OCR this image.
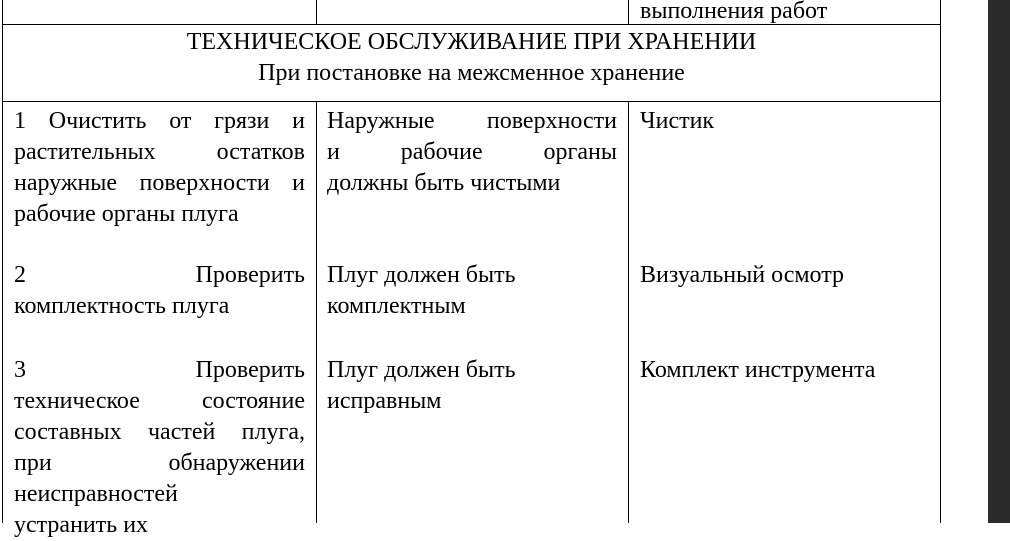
выполнения работ
ТЕХНИЧЕСКОЕ ОБСЛУЖИВАНИЕ ПРИ ХРАНЕНИИ
При постановке на межсменное хранение
1 Очистить от грязи и
растительных остатков
наружные поверхности и
рабочие органы плуга
Наружные поверхности
и рабочие органы
должны быть чистыми
Чистик
2 Проверить
комплектность плуга
Плуг должен быть
комплектным
Визуальный осмотр
3 Проверить
техническое состояние
составных частей плуга,
при обнаружении
неисправностей
устранить их
Плуг должен быть
исправным
Комплект инструмента
